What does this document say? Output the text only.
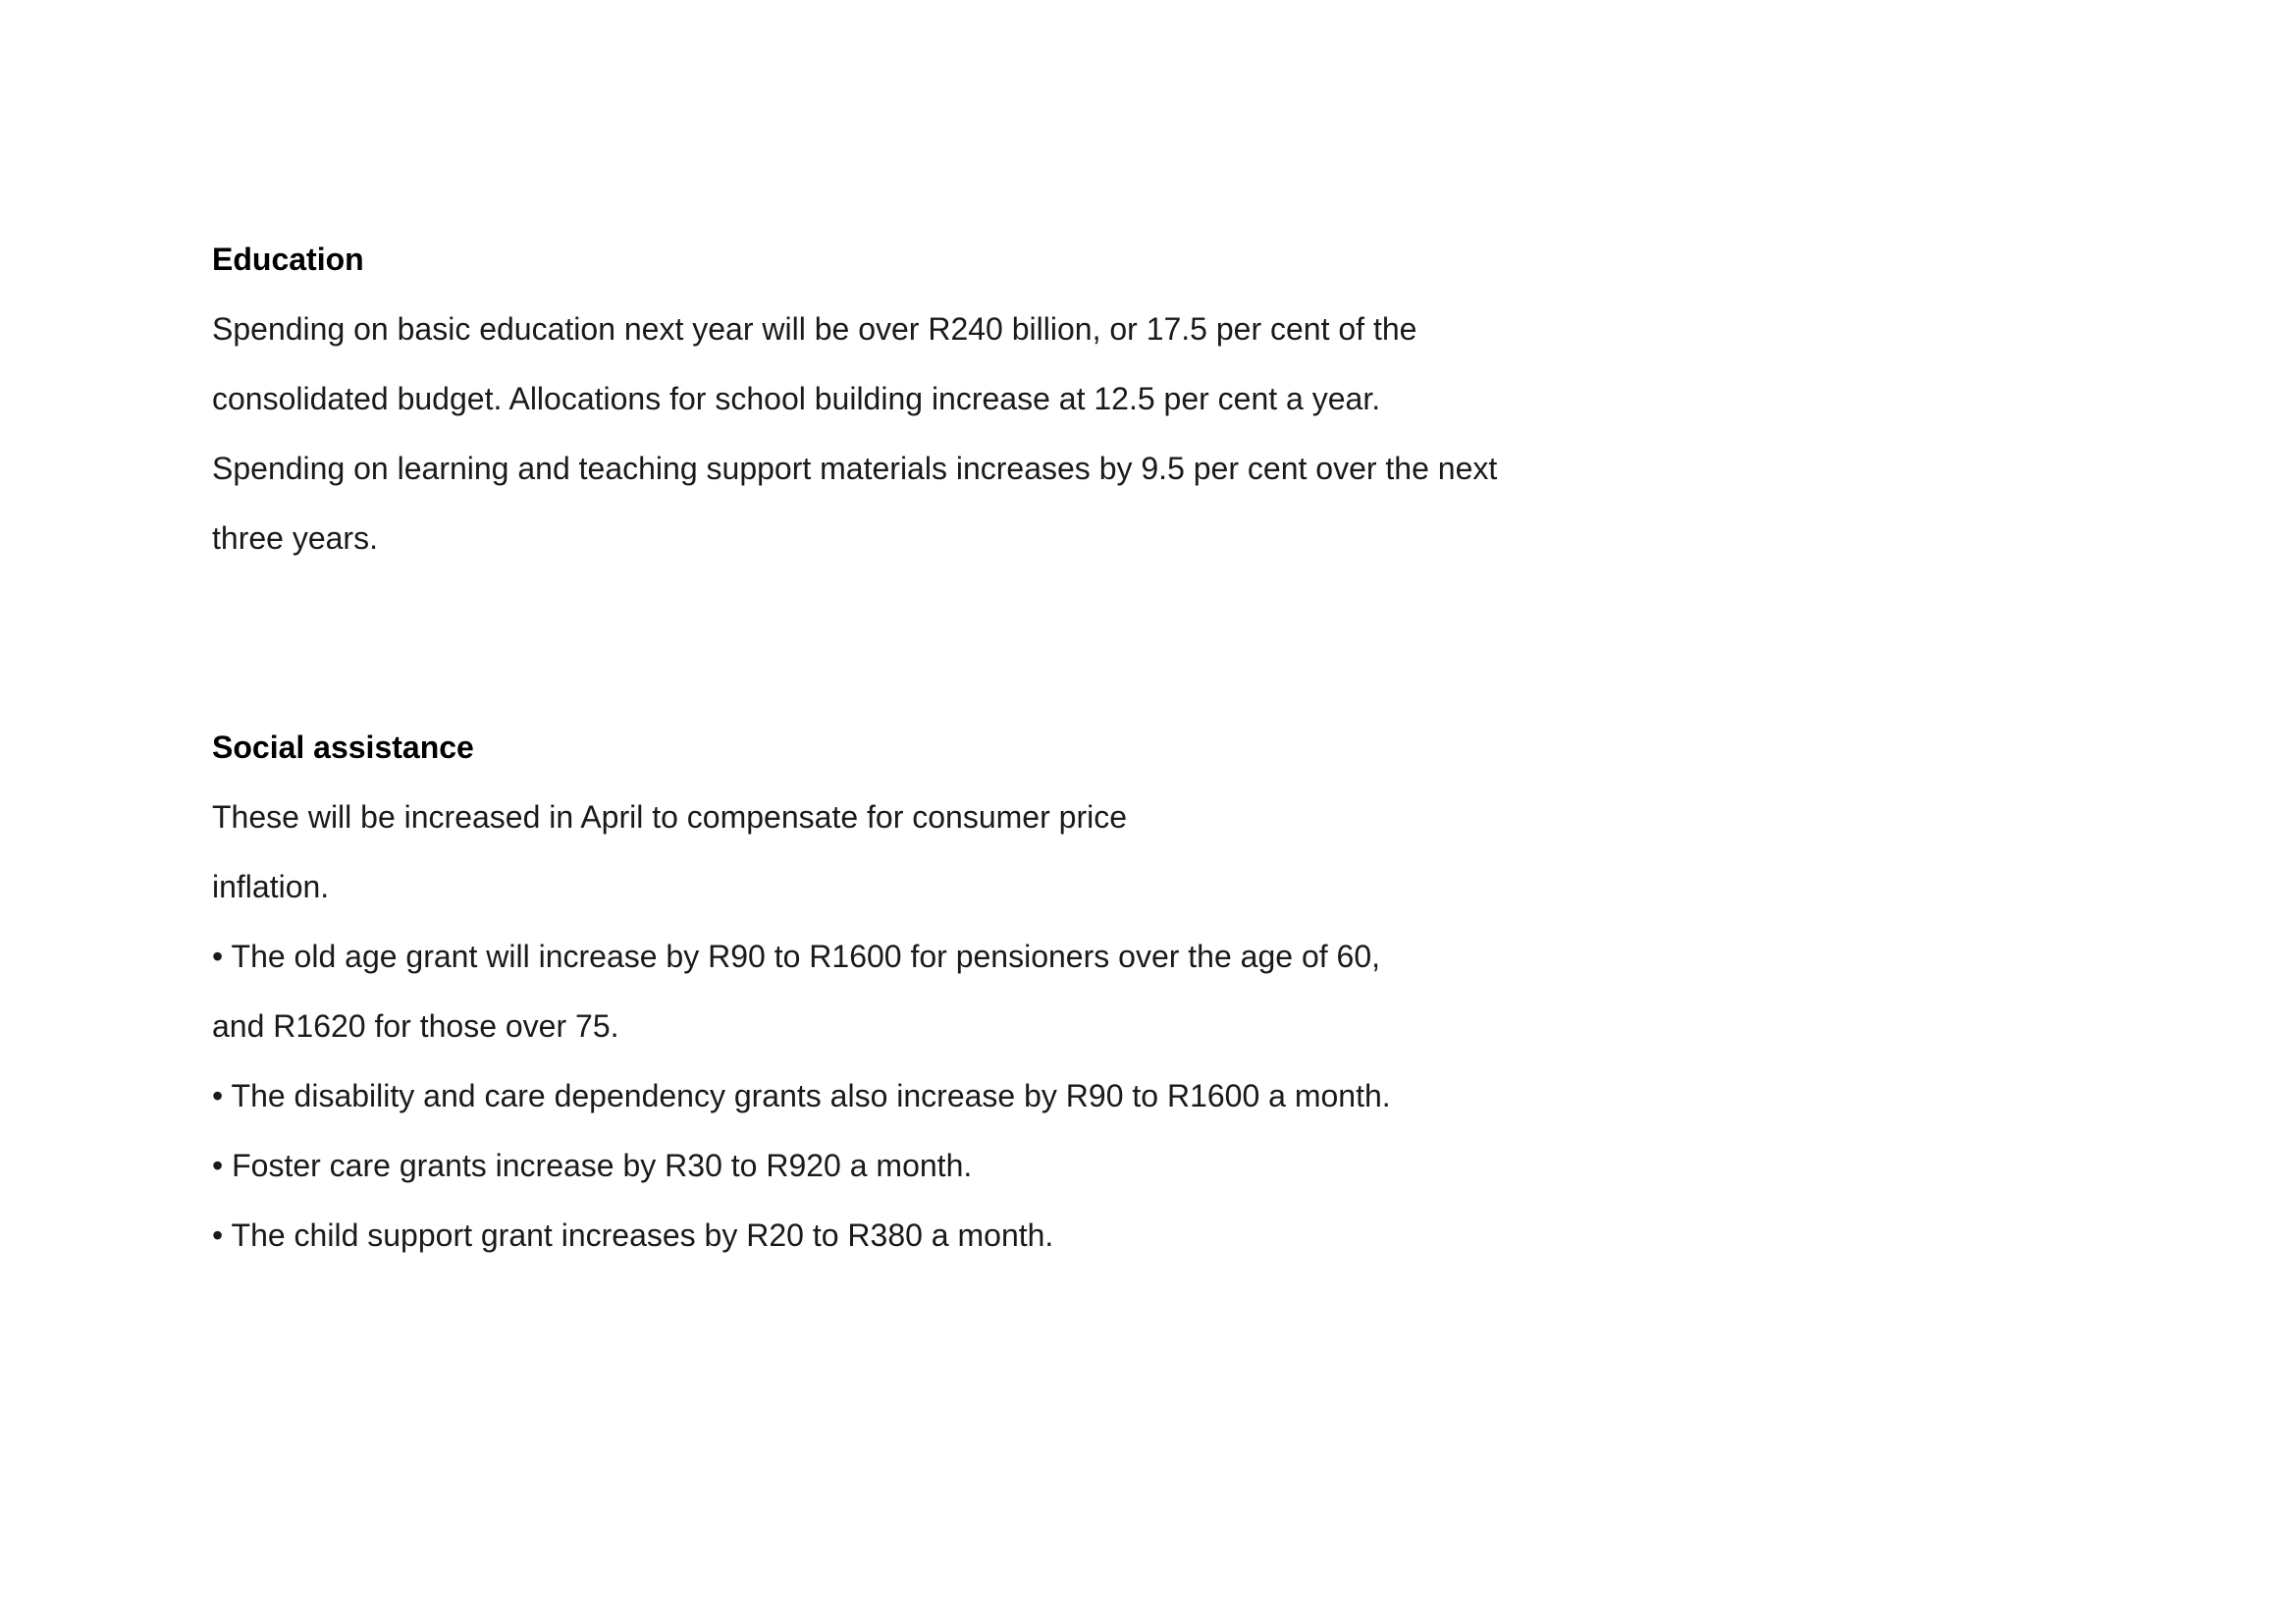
Education
Spending on basic education next year will be over R240 billion, or 17.5 per cent of the
consolidated budget. Allocations for school building increase at 12.5 per cent a year.
Spending on learning and teaching support materials increases by 9.5 per cent over the next
three years.
Social assistance
These will be increased in April to compensate for consumer price
inflation.
• The old age grant will increase by R90 to R1600 for pensioners over the age of 60,
and R1620 for those over 75.
• The disability and care dependency grants also increase by R90 to R1600 a month.
• Foster care grants increase by R30 to R920 a month.
• The child support grant increases by R20 to R380 a month.
